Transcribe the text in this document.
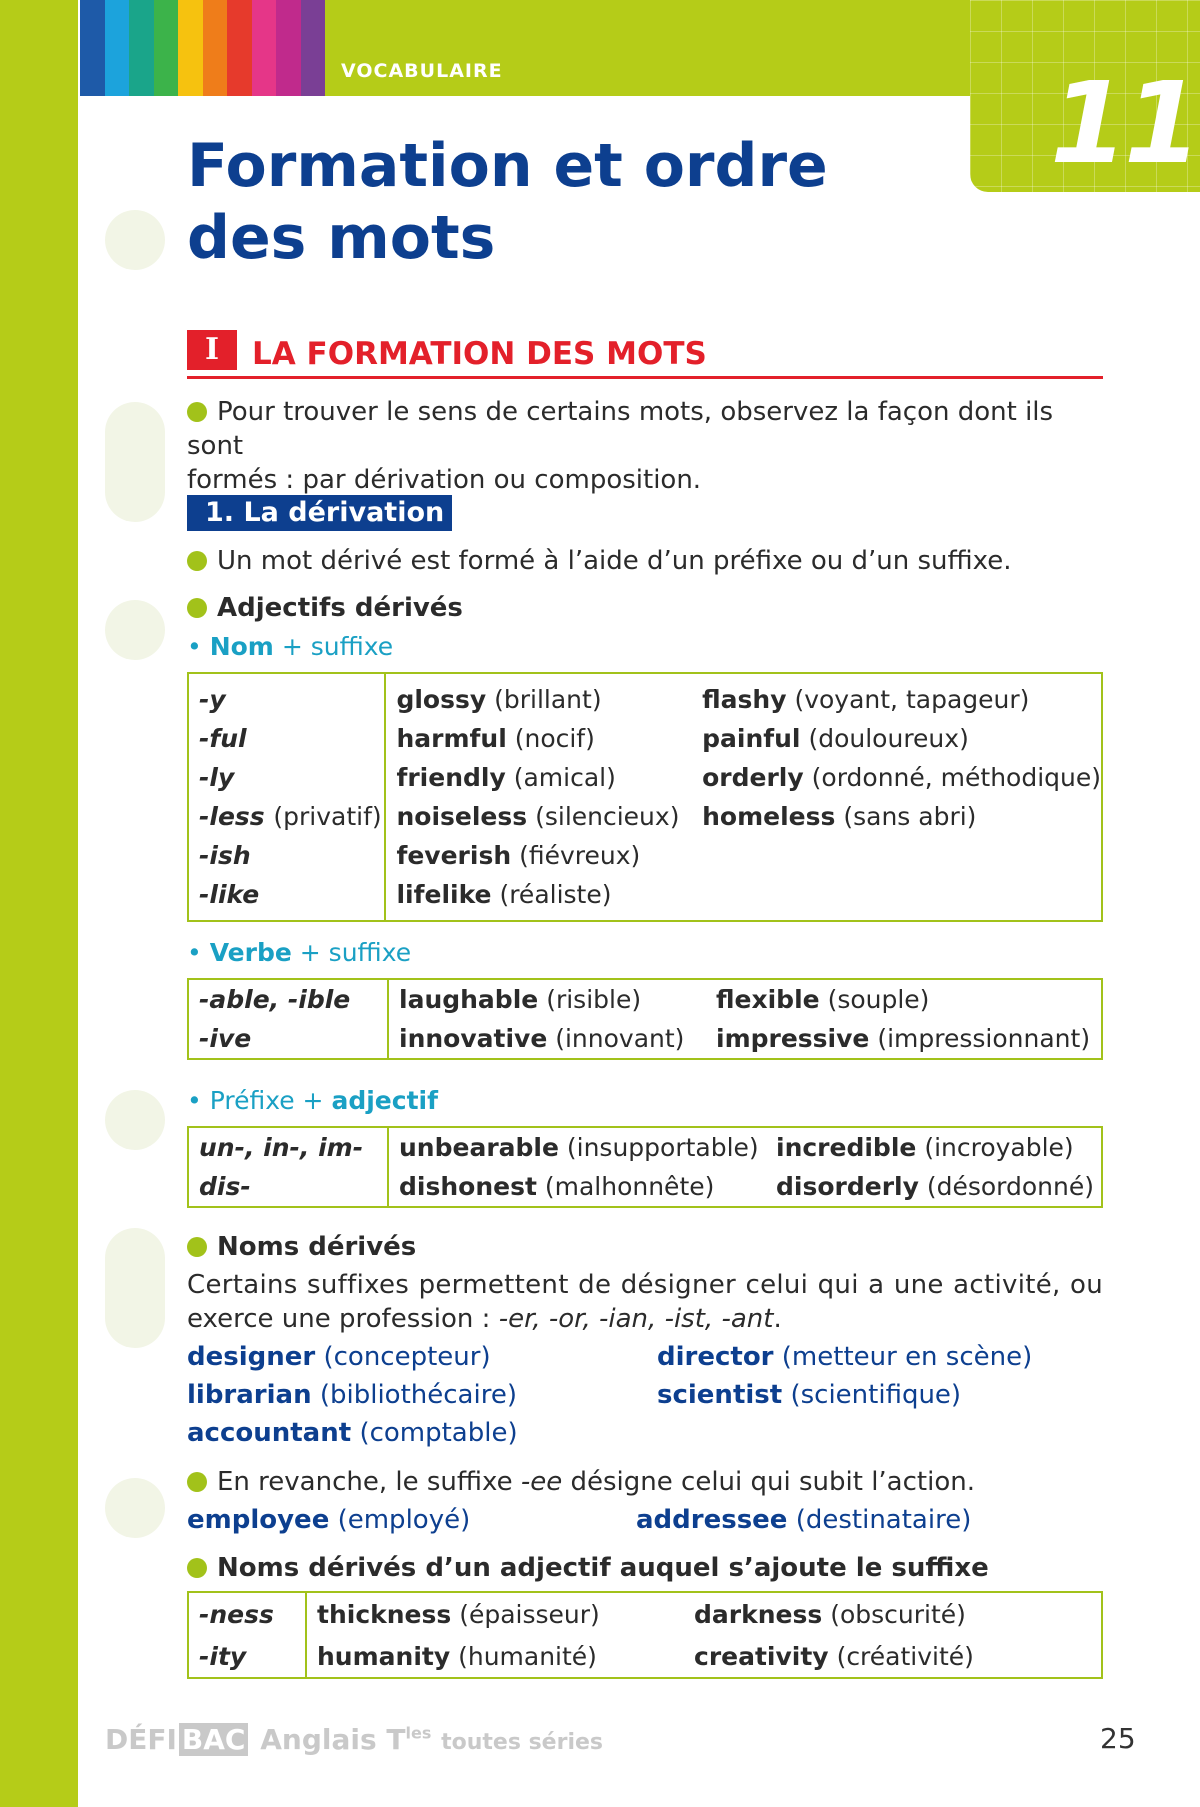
VOCABULAIRE	11
Formation et ordre
des mots
I	LA FORMATION DES MOTS
Pour trouver le sens de certains mots, observez la façon dont ils sont
formés : par dérivation ou composition.
1. La dérivation
Un mot dérivé est formé à l’aide d’un préfixe ou d’un suffixe.
Adjectifs dérivés
• Nom + suffixe
-y	glossy (brillant)	flashy (voyant, tapageur)
-ful	harmful (nocif)	painful (douloureux)
-ly	friendly (amical)	orderly (ordonné, méthodique)
-less (privatif)	noiseless (silencieux)	homeless (sans abri)
-ish	feverish (fiévreux)	
-like	lifelike (réaliste)	
• Verbe + suffixe
-able, -ible	laughable (risible)	flexible (souple)
-ive	innovative (innovant)	impressive (impressionnant)
• Préfixe + adjectif
un-, in-, im-	unbearable (insupportable)	incredible (incroyable)
dis-	dishonest (malhonnête)	disorderly (désordonné)
Noms dérivés
Certains suffixes permettent de désigner celui qui a une activité, ou
exerce une profession : -er, -or, -ian, -ist, -ant.
designer (concepteur)	director (metteur en scène)
librarian (bibliothécaire)	scientist (scientifique)
accountant (comptable)
En revanche, le suffixe -ee désigne celui qui subit l’action.
employee (employé)	addressee (destinataire)
Noms dérivés d’un adjectif auquel s’ajoute le suffixe
-ness	thickness (épaisseur)	darkness (obscurité)
-ity	humanity (humanité)	creativity (créativité)
DÉFI BAC Anglais $T^{les}$ toutes séries	25
